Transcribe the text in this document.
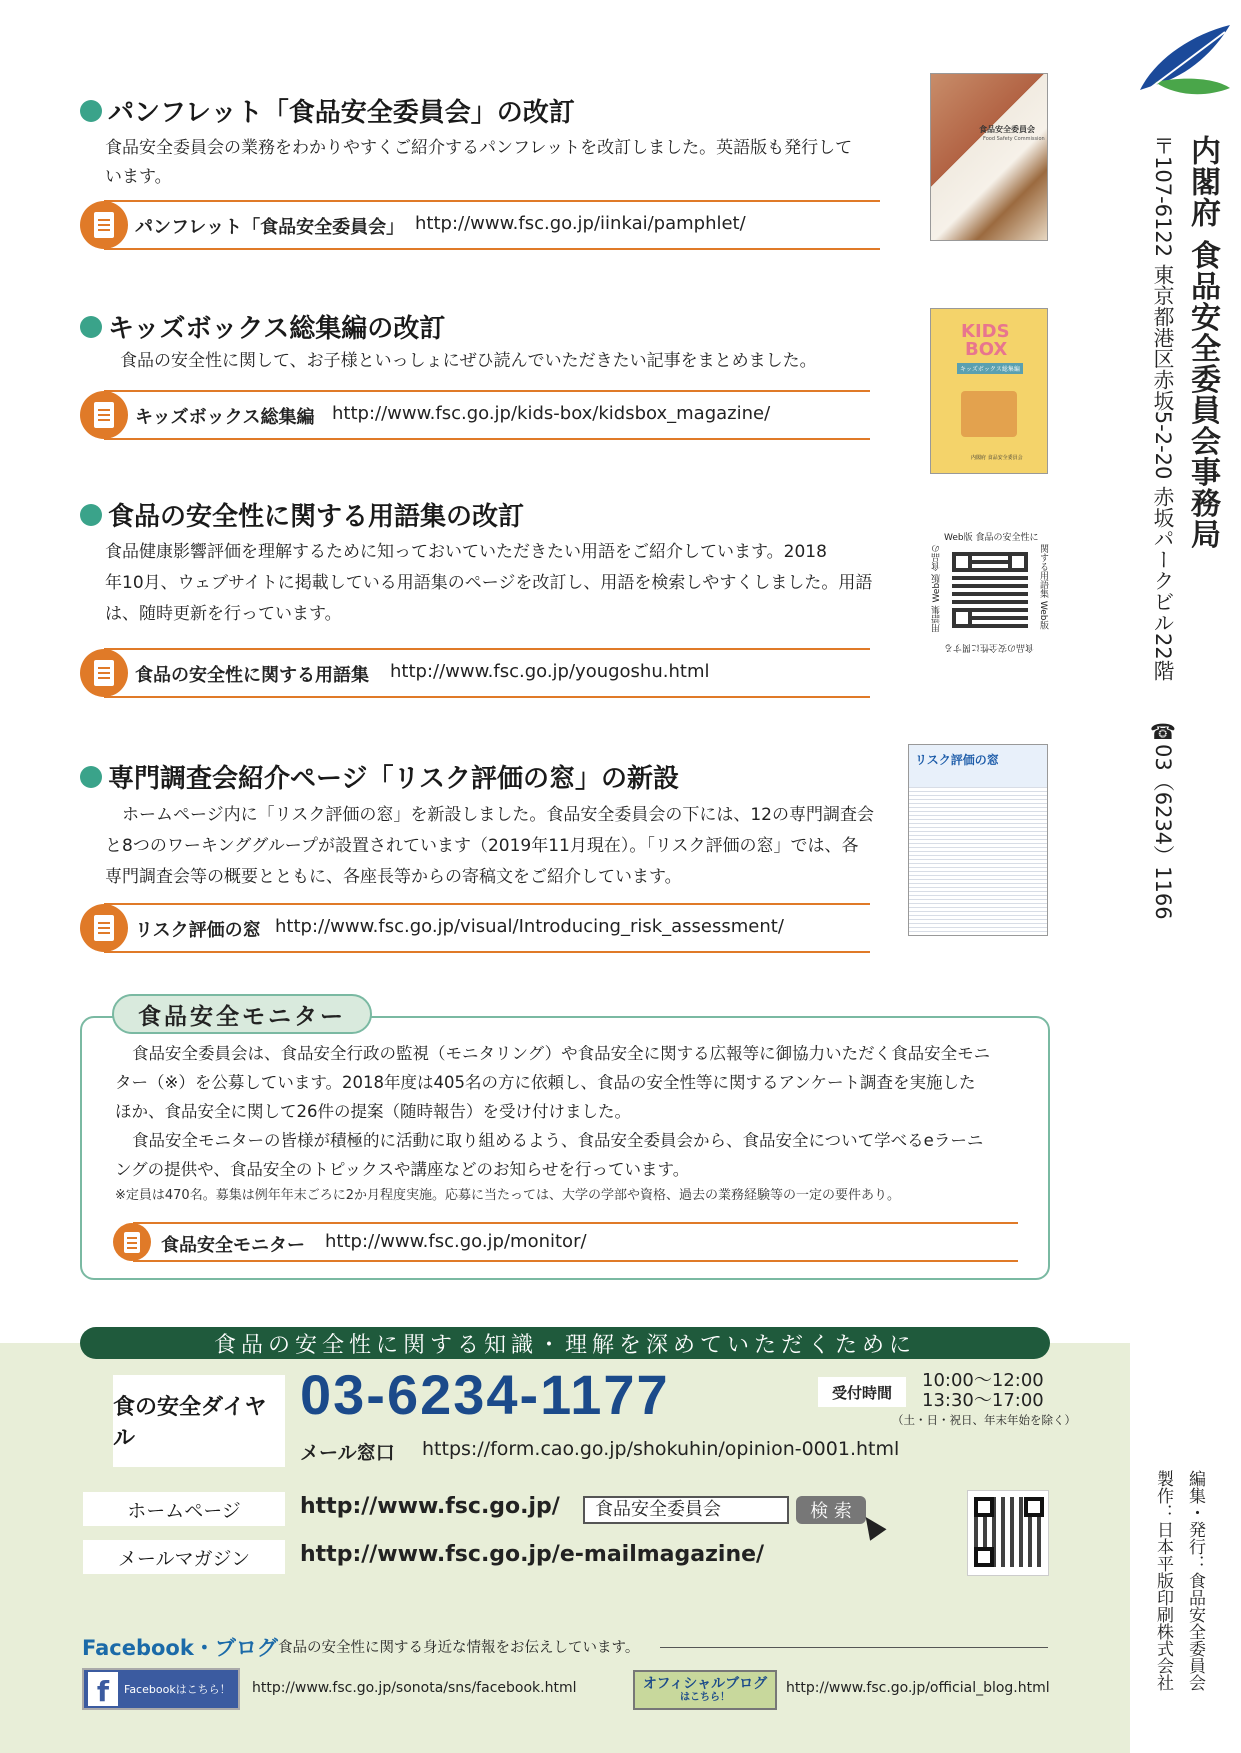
パンフレット「食品安全委員会」の改訂
食品安全委員会の業務をわかりやすくご紹介するパンフレットを改訂しました。英語版も発行して
います。
パンフレット「食品安全委員会」 http://www.fsc.go.jp/iinkai/pamphlet/
食品安全委員会
Food Safety Commission
キッズボックス総集編の改訂
食品の安全性に関して、お子様といっしょにぜひ読んでいただきたい記事をまとめました。
キッズボックス総集編 http://www.fsc.go.jp/kids-box/kidsbox_magazine/
KIDS
BOX
キッズボックス総集編
内閣府 食品安全委員会
食品の安全性に関する用語集の改訂
食品健康影響評価を理解するために知っておいていただきたい用語をご紹介しています。2018
年10月、ウェブサイトに掲載している用語集のページを改訂し、用語を検索しやすくしました。用語
は、随時更新を行っています。
食品の安全性に関する用語集 http://www.fsc.go.jp/yougoshu.html
Web版 食品の安全性に
関する用語集 Web版
食品の安全性に関する
用語集 Web版 食品の
専門調査会紹介ページ「リスク評価の窓」の新設
ホームページ内に「リスク評価の窓」を新設しました。食品安全委員会の下には、12の専門調査会
と8つのワーキンググループが設置されています（2019年11月現在）。「リスク評価の窓」では、各
専門調査会等の概要とともに、各座長等からの寄稿文をご紹介しています。
リスク評価の窓 http://www.fsc.go.jp/visual/Introducing_risk_assessment/
リスク評価の窓
食品安全モニター
食品安全委員会は、食品安全行政の監視（モニタリング）や食品安全に関する広報等に御協力いただく食品安全モニ
ター（※）を公募しています。2018年度は405名の方に依頼し、食品の安全性等に関するアンケート調査を実施した
ほか、食品安全に関して26件の提案（随時報告）を受け付けました。
食品安全モニターの皆様が積極的に活動に取り組めるよう、食品安全委員会から、食品安全について学べるeラーニ
ングの提供や、食品安全のトピックスや講座などのお知らせを行っています。
※定員は470名。募集は例年年末ごろに2か月程度実施。応募に当たっては、大学の学部や資格、過去の業務経験等の一定の要件あり。
食品安全モニター http://www.fsc.go.jp/monitor/
食品の安全性に関する知識・理解を深めていただくために
食の安全ダイヤル
03-6234-1177	受付時間
10:00～12:00
13:30～17:00
（土・日・祝日、年末年始を除く）
メール窓口 https://form.cao.go.jp/shokuhin/opinion-0001.html
ホームページ	http://www.fsc.go.jp/	食品安全委員会	検 索
メールマガジン	http://www.fsc.go.jp/e-mailmagazine/
Facebook・ブログ 食品の安全性に関する身近な情報をお伝えしています。
f	Facebookはこちら！ http://www.fsc.go.jp/sonota/sns/facebook.html	オフィシャルブログ
はこちら！
http://www.fsc.go.jp/official_blog.html
内閣府 食品安全委員会事務局
〒107-6122 東京都港区赤坂5-2-20 赤坂パークビル22階
☎03（6234）1166
編集・発行：食品安全委員会
製作：日本平版印刷株式会社
